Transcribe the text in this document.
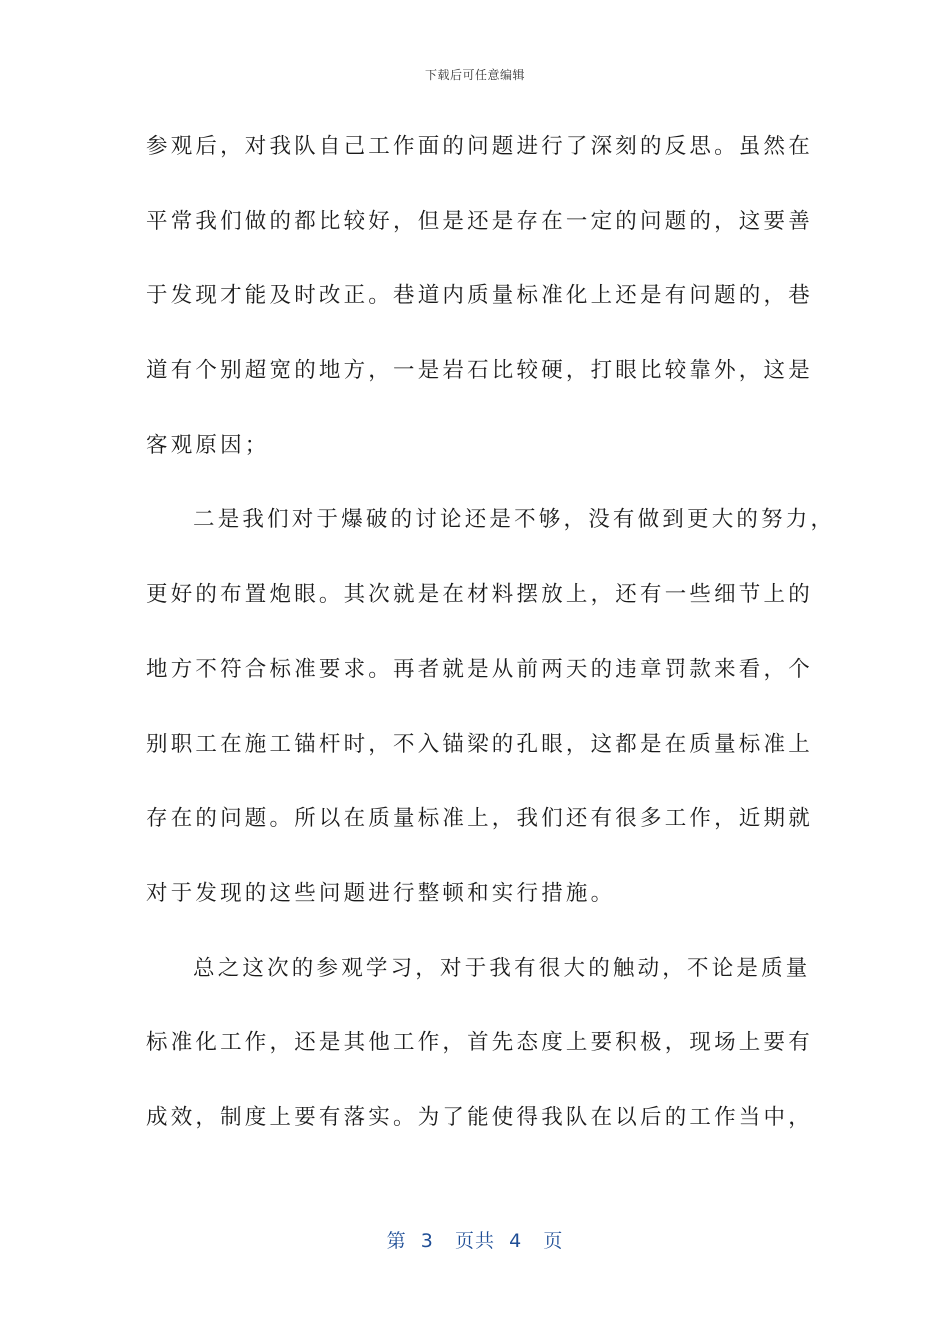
下载后可任意编辑
参观后，对我队自己工作面的问题进行了深刻的反思。虽然在
平常我们做的都比较好，但是还是存在一定的问题的，这要善
于发现才能及时改正。巷道内质量标准化上还是有问题的，巷
道有个别超宽的地方，一是岩石比较硬，打眼比较靠外，这是
客观原因；
二是我们对于爆破的讨论还是不够，没有做到更大的努力，
更好的布置炮眼。其次就是在材料摆放上，还有一些细节上的
地方不符合标准要求。再者就是从前两天的违章罚款来看，个
别职工在施工锚杆时，不入锚梁的孔眼，这都是在质量标准上
存在的问题。所以在质量标准上，我们还有很多工作，近期就
对于发现的这些问题进行整顿和实行措施。
总之这次的参观学习，对于我有很大的触动，不论是质量
标准化工作，还是其他工作，首先态度上要积极，现场上要有
成效，制度上要有落实。为了能使得我队在以后的工作当中，
第 3 页共 4 页
